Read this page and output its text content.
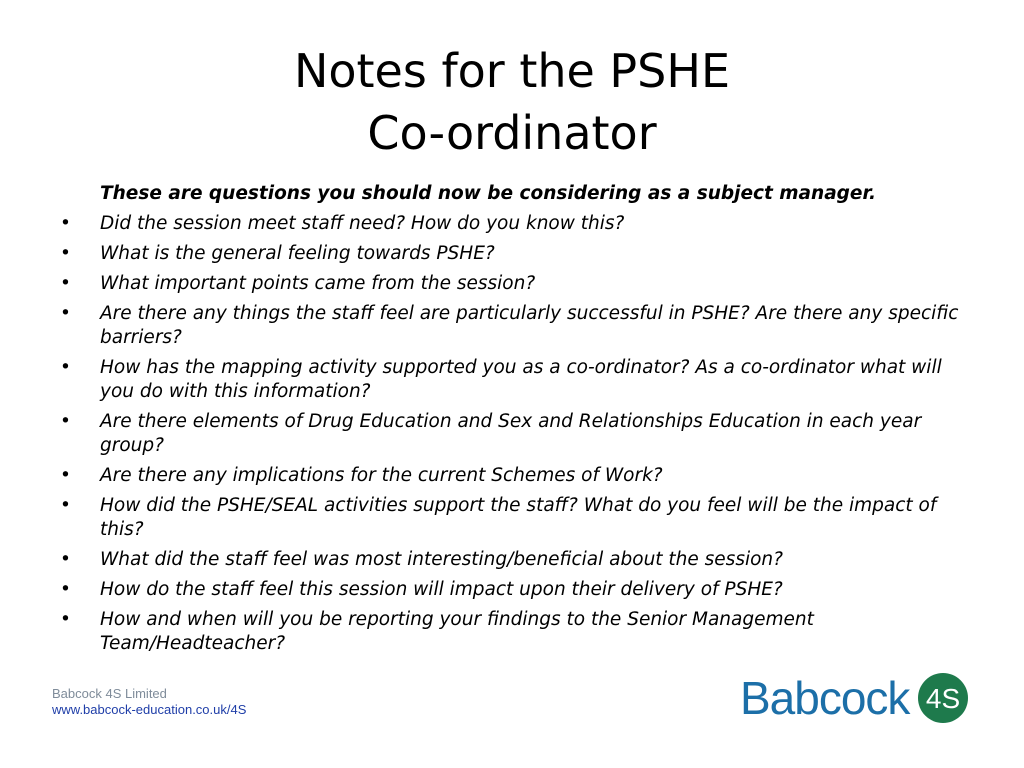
Notes for the PSHE
Co-ordinator
These are questions you should now be considering as a subject manager.
• Did the session meet staff need? How do you know this?
• What is the general feeling towards PSHE?
• What important points came from the session?
• Are there any things the staff feel are particularly successful in PSHE? Are there any specific barriers?
• How has the mapping activity supported you as a co-ordinator? As a co-ordinator what will you do with this information?
• Are there elements of Drug Education and Sex and Relationships Education in each year group?
• Are there any implications for the current Schemes of Work?
• How did the PSHE/SEAL activities support the staff? What do you feel will be the impact of this?
• What did the staff feel was most interesting/beneficial about the session?
• How do the staff feel this session will impact upon their delivery of PSHE?
• How and when will you be reporting your findings to the Senior Management Team/Headteacher?
Babcock 4S Limited
www.babcock-education.co.uk/4S	Babcock 4S
